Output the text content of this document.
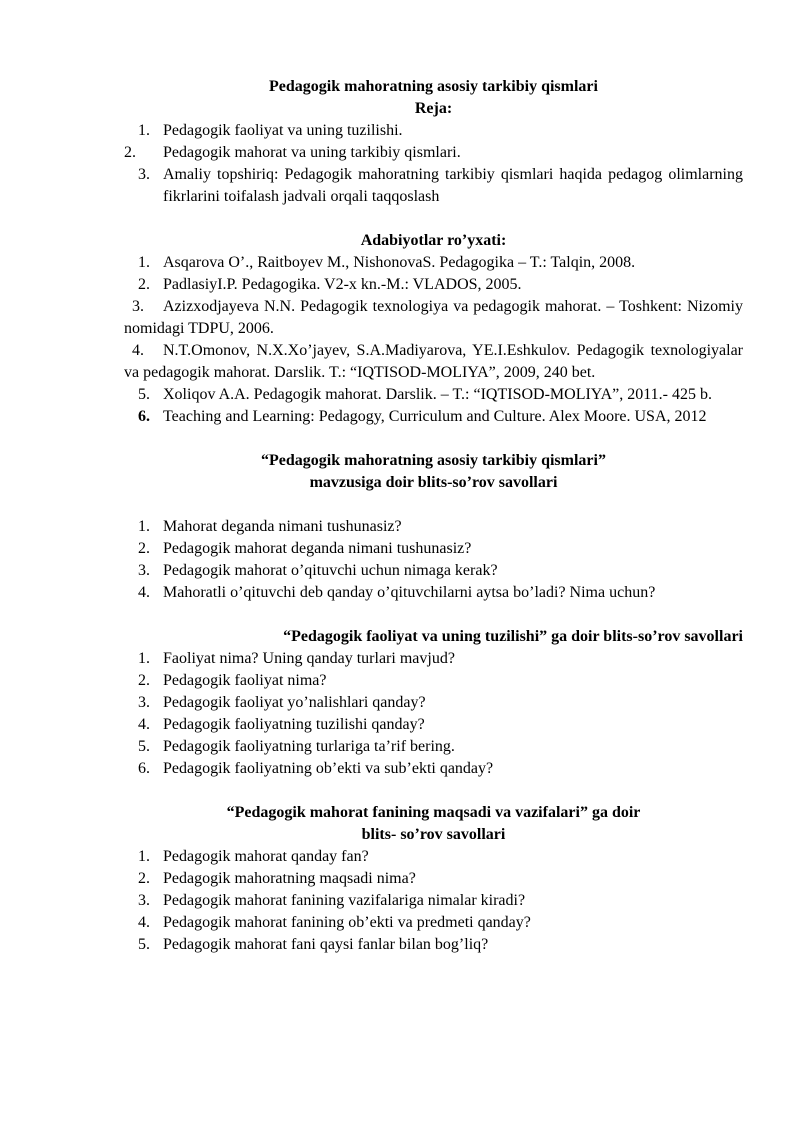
Pedagogik mahoratning asosiy tarkibiy qismlari

Reja:

1. Pedagogik faoliyat va uning tuzilishi.
2.	Pedagogik mahorat va uning tarkibiy qismlari.
3. Amaliy topshiriq: Pedagogik mahoratning tarkibiy qismlari haqida pedagog olimlarning fikrlarini toifalash jadvali orqali taqqoslash

Adabiyotlar ro’yxati:

1. Asqarova O’., Raitboyev M., NishonovaS. Pedagogika – T.: Talqin, 2008.
2. PadlasiyI.P. Pedagogika. V2-x kn.-M.: VLADOS, 2005.
3. Azizxodjayeva N.N. Pedagogik texnologiya va pedagogik mahorat. – Toshkent: Nizomiy nomidagi TDPU, 2006.
4. N.T.Omonov, N.X.Xo’jayev, S.A.Madiyarova, YE.I.Eshkulov. Pedagogik texnologiyalar va pedagogik mahorat. Darslik. T.: “IQTISOD-MOLIYA”, 2009, 240 bet.
5. Xoliqov A.A. Pedagogik mahorat. Darslik. – T.: “IQTISOD-MOLIYA”, 2011.- 425 b.
6. Teaching and Learning: Pedagogy, Curriculum and Culture. Alex Moore. USA, 2012

“Pedagogik mahoratning asosiy tarkibiy qismlari”

mavzusiga doir blits-so’rov savollari

1. Mahorat deganda nimani tushunasiz?
2. Pedagogik mahorat deganda nimani tushunasiz?
3. Pedagogik mahorat o’qituvchi uchun nimaga kerak?
4. Mahoratli o’qituvchi deb qanday o’qituvchilarni aytsa bo’ladi? Nima uchun?

“Pedagogik faoliyat va uning tuzilishi” ga doir blits-so’rov savollari

1. Faoliyat nima? Uning qanday turlari mavjud?
2. Pedagogik faoliyat nima?
3. Pedagogik faoliyat yo’nalishlari qanday?
4. Pedagogik faoliyatning tuzilishi qanday?
5. Pedagogik faoliyatning turlariga ta’rif bering.
6. Pedagogik faoliyatning ob’ekti va sub’ekti qanday?

“Pedagogik mahorat fanining maqsadi va vazifalari” ga doir

blits- so’rov savollari

1. Pedagogik mahorat qanday fan?
2. Pedagogik mahoratning maqsadi nima?
3. Pedagogik mahorat fanining vazifalariga nimalar kiradi?
4. Pedagogik mahorat fanining ob’ekti va predmeti qanday?
5. Pedagogik mahorat fani qaysi fanlar bilan bog’liq?
